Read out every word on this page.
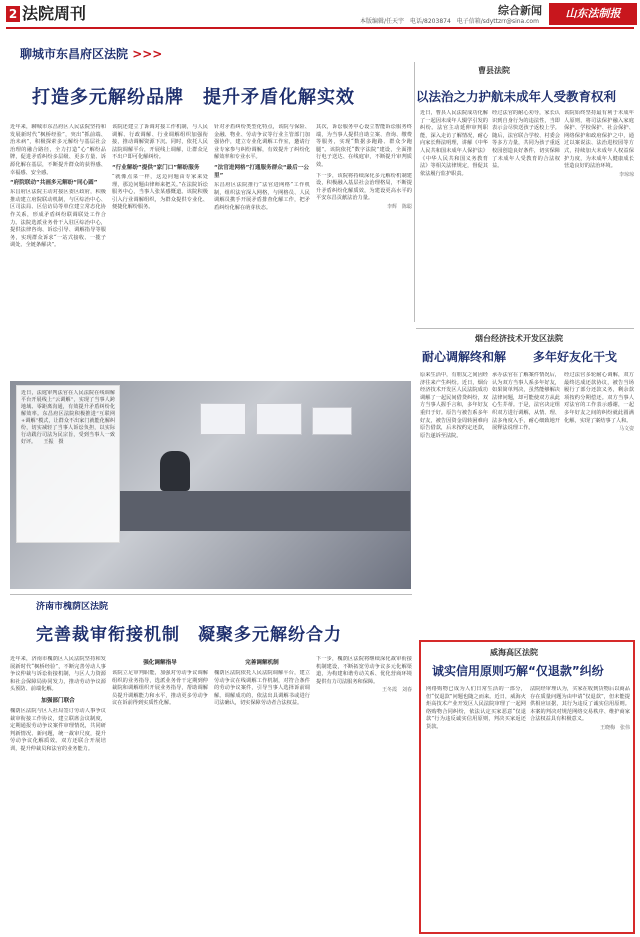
2 法院周刊	本版编辑/任天宇　电话/8203874　电子信箱/sdyttzrr@sina.com
综合新闻	山东法制报
聊城市东昌府区法院 >>>
打造多元解纷品牌　提升矛盾化解实效

近年来，聊城市东昌府区人民法院坚持和发展新时代“枫桥经验”，突出“抓前端、治未病”，积极探索多元解纷与基层社会治理的融合路径，全力打造“心”解纷品牌，促进矛盾纠纷多层级、更多方量、诉源化解在基层，不断提升群众的获得感、幸福感、安全感。

“府院联动”共画多元解纷“同心圆”

东昌府区法院主动对接区委区政府，积极推动建立府院联动机制，与区综治中心、区司法局、区信访局等单位建立常态化协作关系，形成矛盾纠纷联调联处工作合力。法院选派业务骨干入驻区综治中心，提供法律咨询、诉讼引导、调解指导等服务，实现群众诉求“一站式接收、一揽子调处、全链条解决”。

该院还建立了诉调对接工作机制，与人民调解、行政调解、行业调解组织加强衔接，推动调解资源下沉。同时，依托人民法院调解平台，开展线上调解，让群众足不出户即可化解纠纷。

“行业解纷”提供“家门口”解纷服务

“就像点菜一样，这边问题由专家来处理，那边问题由律师来把关。”在法院诉讼服务中心，当事人张某感慨道。该院积极引入行业调解组织，为群众提供专业化、便捷化解纷服务。

针对矛盾纠纷类型化特点，该院与保险、金融、物业、劳动争议等行业主管部门加强协作，建立专业化调解工作室，邀请行业专家参与纠纷调解，有效提升了纠纷化解效率和专业水平。

“法官进网格”打通服务群众“最后一公里”

东昌府区法院推行“法官进网格”工作机制，组织法官深入网格，与网格员、人民调解员携手开展矛盾排查化解工作，把矛盾纠纷化解在萌芽状态。

其次，诉讼服务中心设立智能诉讼服务终端，为当事人提供自助立案、查询、缴费等服务，实现“数据多跑路、群众少跑腿”。该院依托“数字法院”建设，全面推行电子送达、在线庭审，不断提升审判质效。

下一步，该院将持续深化多元解纷机制建设，积极融入基层社会治理格局，不断提升矛盾纠纷化解质效，为建设更高水平的平安东昌贡献法治力量。

李辉　陈聪

近日，法庭审判法官在人民法院在线调解平台开展线上“云调解”，实现了当事人跨地域、零距离沟通，有效提升矛盾纠纷化解效率。东昌府区法院积极推进“互联网+调解”模式，让群众不出家门就能化解纠纷，切实减轻了当事人诉讼负担，以实际行动践行司法为民宗旨，受到当事人一致好评。　　王振　摄

曹县法院
以法治之力护航未成年人受教育权利

近日，曹县人民法院成功化解了一起因未成年人辍学引发的纠纷。法官主动延伸审判职能，深入走访了解情况，耐心向家长释法明理，讲解《中华人民共和国未成年人保护法》《中华人民共和国义务教育法》等相关法律规定，督促其依法履行监护职责。

经过法官的耐心劝导，家长认识到自身行为的违法性，当即表示会尽快送孩子返校上学。随后，法官联合学校、村委会等多方力量，共同为孩子重返校园创造良好条件，切实保障了未成年人受教育的合法权益。

该院始终坚持最有利于未成年人原则，将司法保护融入家庭保护、学校保护、社会保护、网络保护和政府保护之中，通过以案说法、法治进校园等方式，持续加大未成年人权益保护力度，为未成年人健康成长营造良好的法治环境。

李琼琼

烟台经济技术开发区法院
耐心调解终和解 多年好友化干戈

原来生活中，有朋友之间因经济往来产生纠纷。近日，烟台经济技术开发区人民法院成功调解了一起民间借贷纠纷，双方当事人握手言和，多年好友重归于好。原告与被告系多年好友，被告因资金周转困难向原告借款，后未按约定还款，原告遂诉至法院。

承办法官在了解案件情况后，认为双方当事人系多年好友，如果简单判决，虽然能够解决法律问题，却可能使双方从此心生芥蒂。于是，法官决定组织双方进行调解，从情、理、法多角度入手，耐心细致地开展释法说理工作。

经过法官多轮耐心调解，双方最终达成还款协议，被告当场履行了部分还款义务，剩余款项按约分期偿还。双方当事人对法官的工作表示感谢，一起多年好友之间的纠纷就此圆满化解，实现了案结事了人和。

马文姿

济南市槐荫区法院
完善裁审衔接机制　凝聚多元解纷合力

近年来，济南市槐荫区人民法院坚持和发展新时代“枫桥经验”，不断完善劳动人事争议仲裁与诉讼衔接机制，与区人力资源和社会保障局协同发力，推动劳动争议源头预防、前端化解。

加强部门联合

槐荫区法院与区人社局签订劳动人事争议裁审衔接工作协议，建立联席会议制度，定期通报劳动争议案件审理情况，共同研判新情况、新问题，统一裁审尺度，提升劳动争议化解质效。双方还联合开展培训，提升仲裁员和法官的业务能力。

强化调解指导

该院立足审判职能，加强对劳动争议调解组织的业务指导，选派业务骨干定期到仲裁院和调解组织开展业务指导，帮助调解员提升调解能力和水平，推动更多劳动争议在诉前得到实质性化解。

完善调解机制

槐荫区法院依托人民法院调解平台，建立劳动争议在线调解工作机制，对符合条件的劳动争议案件，引导当事人选择诉前调解。调解成功的，依法出具调解书或进行司法确认，切实保障劳动者合法权益。

下一步，槐荫区法院将继续深化裁审衔接机制建设，不断拓宽劳动争议多元化解渠道，为构建和谐劳动关系、优化营商环境提供有力司法服务和保障。

王冬霞　刘春

威海高区法院
诚实信用原则巧解“仅退款”纠纷

网络购物已成为人们日常生活的一部分，但“仅退款”问题也随之而来。近日，威海火炬高技术产业开发区人民法院审理了一起网络购物合同纠纷，依法认定买家恶意“仅退款”行为违反诚实信用原则，判决买家返还货款。

法院经审理认为，买家在收到货物后以商品存在质量问题为由申请“仅退款”，但未能提供相应证据，其行为违反了诚实信用原则。本案的判决对规范网络交易秩序、维护商家合法权益具有积极意义。

王晓梅　张伟
